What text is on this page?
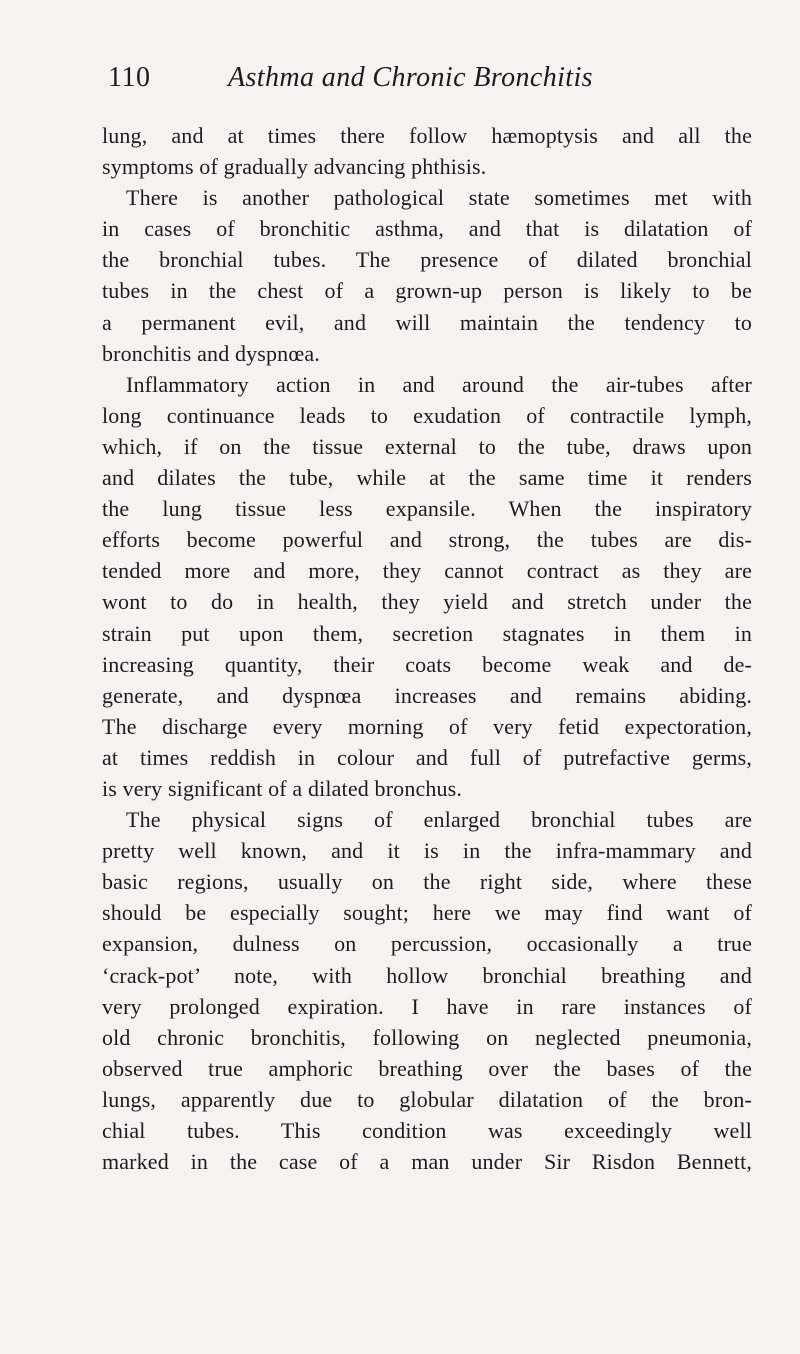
110	Asthma and Chronic Bronchitis
lung, and at times there follow hæmoptysis and all the
symptoms of gradually advancing phthisis.
There is another pathological state sometimes met with
in cases of bronchitic asthma, and that is dilatation of
the bronchial tubes. The presence of dilated bronchial
tubes in the chest of a grown-up person is likely to be
a permanent evil, and will maintain the tendency to
bronchitis and dyspnœa.
Inflammatory action in and around the air-tubes after
long continuance leads to exudation of contractile lymph,
which, if on the tissue external to the tube, draws upon
and dilates the tube, while at the same time it renders
the lung tissue less expansile. When the inspiratory
efforts become powerful and strong, the tubes are dis-
tended more and more, they cannot contract as they are
wont to do in health, they yield and stretch under the
strain put upon them, secretion stagnates in them in
increasing quantity, their coats become weak and de-
generate, and dyspnœa increases and remains abiding.
The discharge every morning of very fetid expectoration,
at times reddish in colour and full of putrefactive germs,
is very significant of a dilated bronchus.
The physical signs of enlarged bronchial tubes are
pretty well known, and it is in the infra-mammary and
basic regions, usually on the right side, where these
should be especially sought; here we may find want of
expansion, dulness on percussion, occasionally a true
‘crack-pot’ note, with hollow bronchial breathing and
very prolonged expiration. I have in rare instances of
old chronic bronchitis, following on neglected pneumonia,
observed true amphoric breathing over the bases of the
lungs, apparently due to globular dilatation of the bron-
chial tubes. This condition was exceedingly well
marked in the case of a man under Sir Risdon Bennett,
